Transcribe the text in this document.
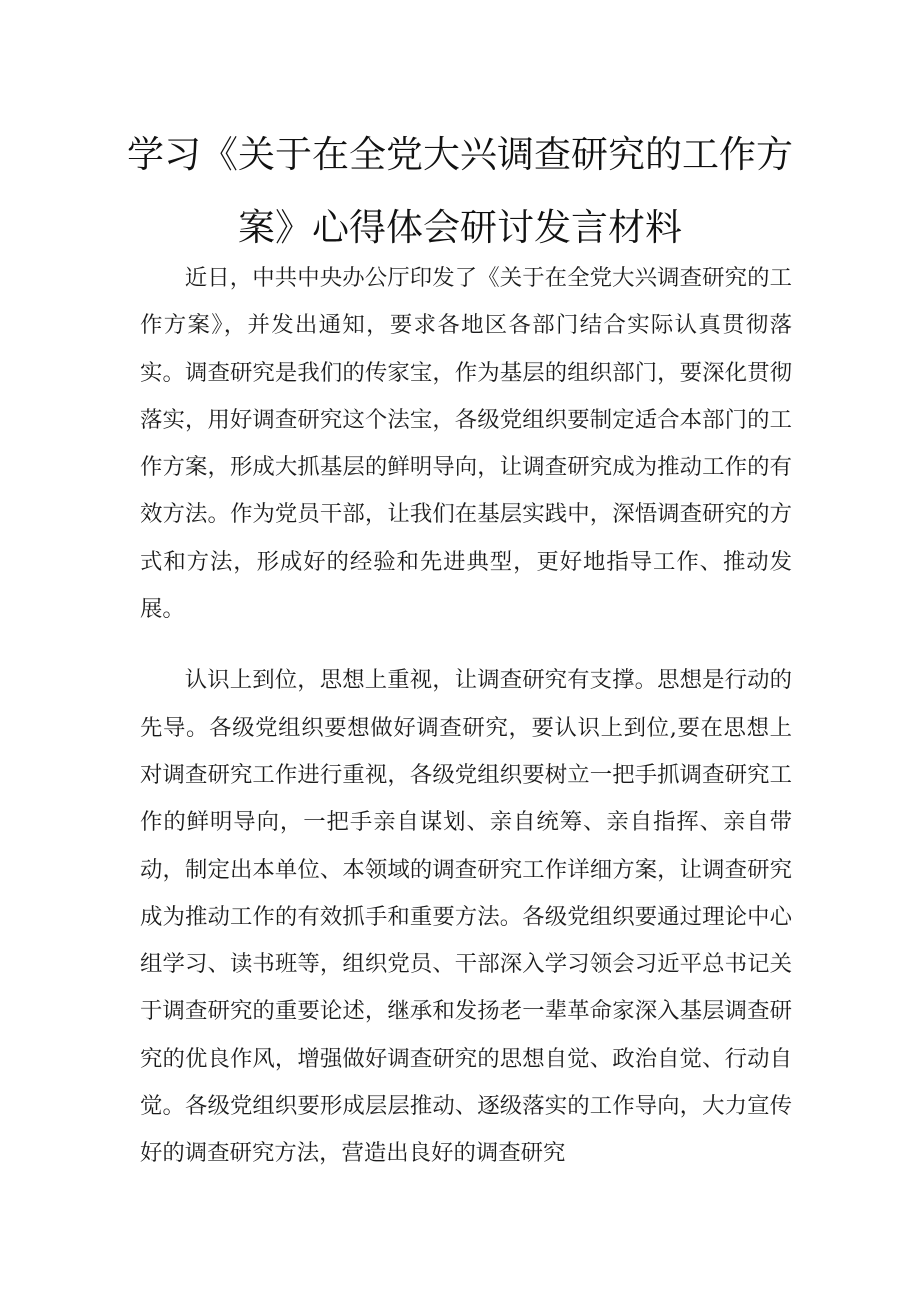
学习《关于在全党大兴调查研究的工作方
案》心得体会研讨发言材料

近日，中共中央办公厅印发了《关于在全党大兴调查研究的工作方案》，并发出通知，要求各地区各部门结合实际认真贯彻落实。调查研究是我们的传家宝，作为基层的组织部门，要深化贯彻落实，用好调查研究这个法宝，各级党组织要制定适合本部门的工作方案，形成大抓基层的鲜明导向，让调查研究成为推动工作的有效方法。作为党员干部，让我们在基层实践中，深悟调查研究的方式和方法，形成好的经验和先进典型，更好地指导工作、推动发展。

认识上到位，思想上重视，让调查研究有支撑。思想是行动的先导。各级党组织要想做好调查研究，要认识上到位,要在思想上对调查研究工作进行重视，各级党组织要树立一把手抓调查研究工作的鲜明导向，一把手亲自谋划、亲自统筹、亲自指挥、亲自带动，制定出本单位、本领域的调查研究工作详细方案，让调查研究成为推动工作的有效抓手和重要方法。各级党组织要通过理论中心组学习、读书班等，组织党员、干部深入学习领会习近平总书记关于调查研究的重要论述，继承和发扬老一辈革命家深入基层调查研究的优良作风，增强做好调查研究的思想自觉、政治自觉、行动自觉。各级党组织要形成层层推动、逐级落实的工作导向，大力宣传好的调查研究方法，营造出良好的调查研究
